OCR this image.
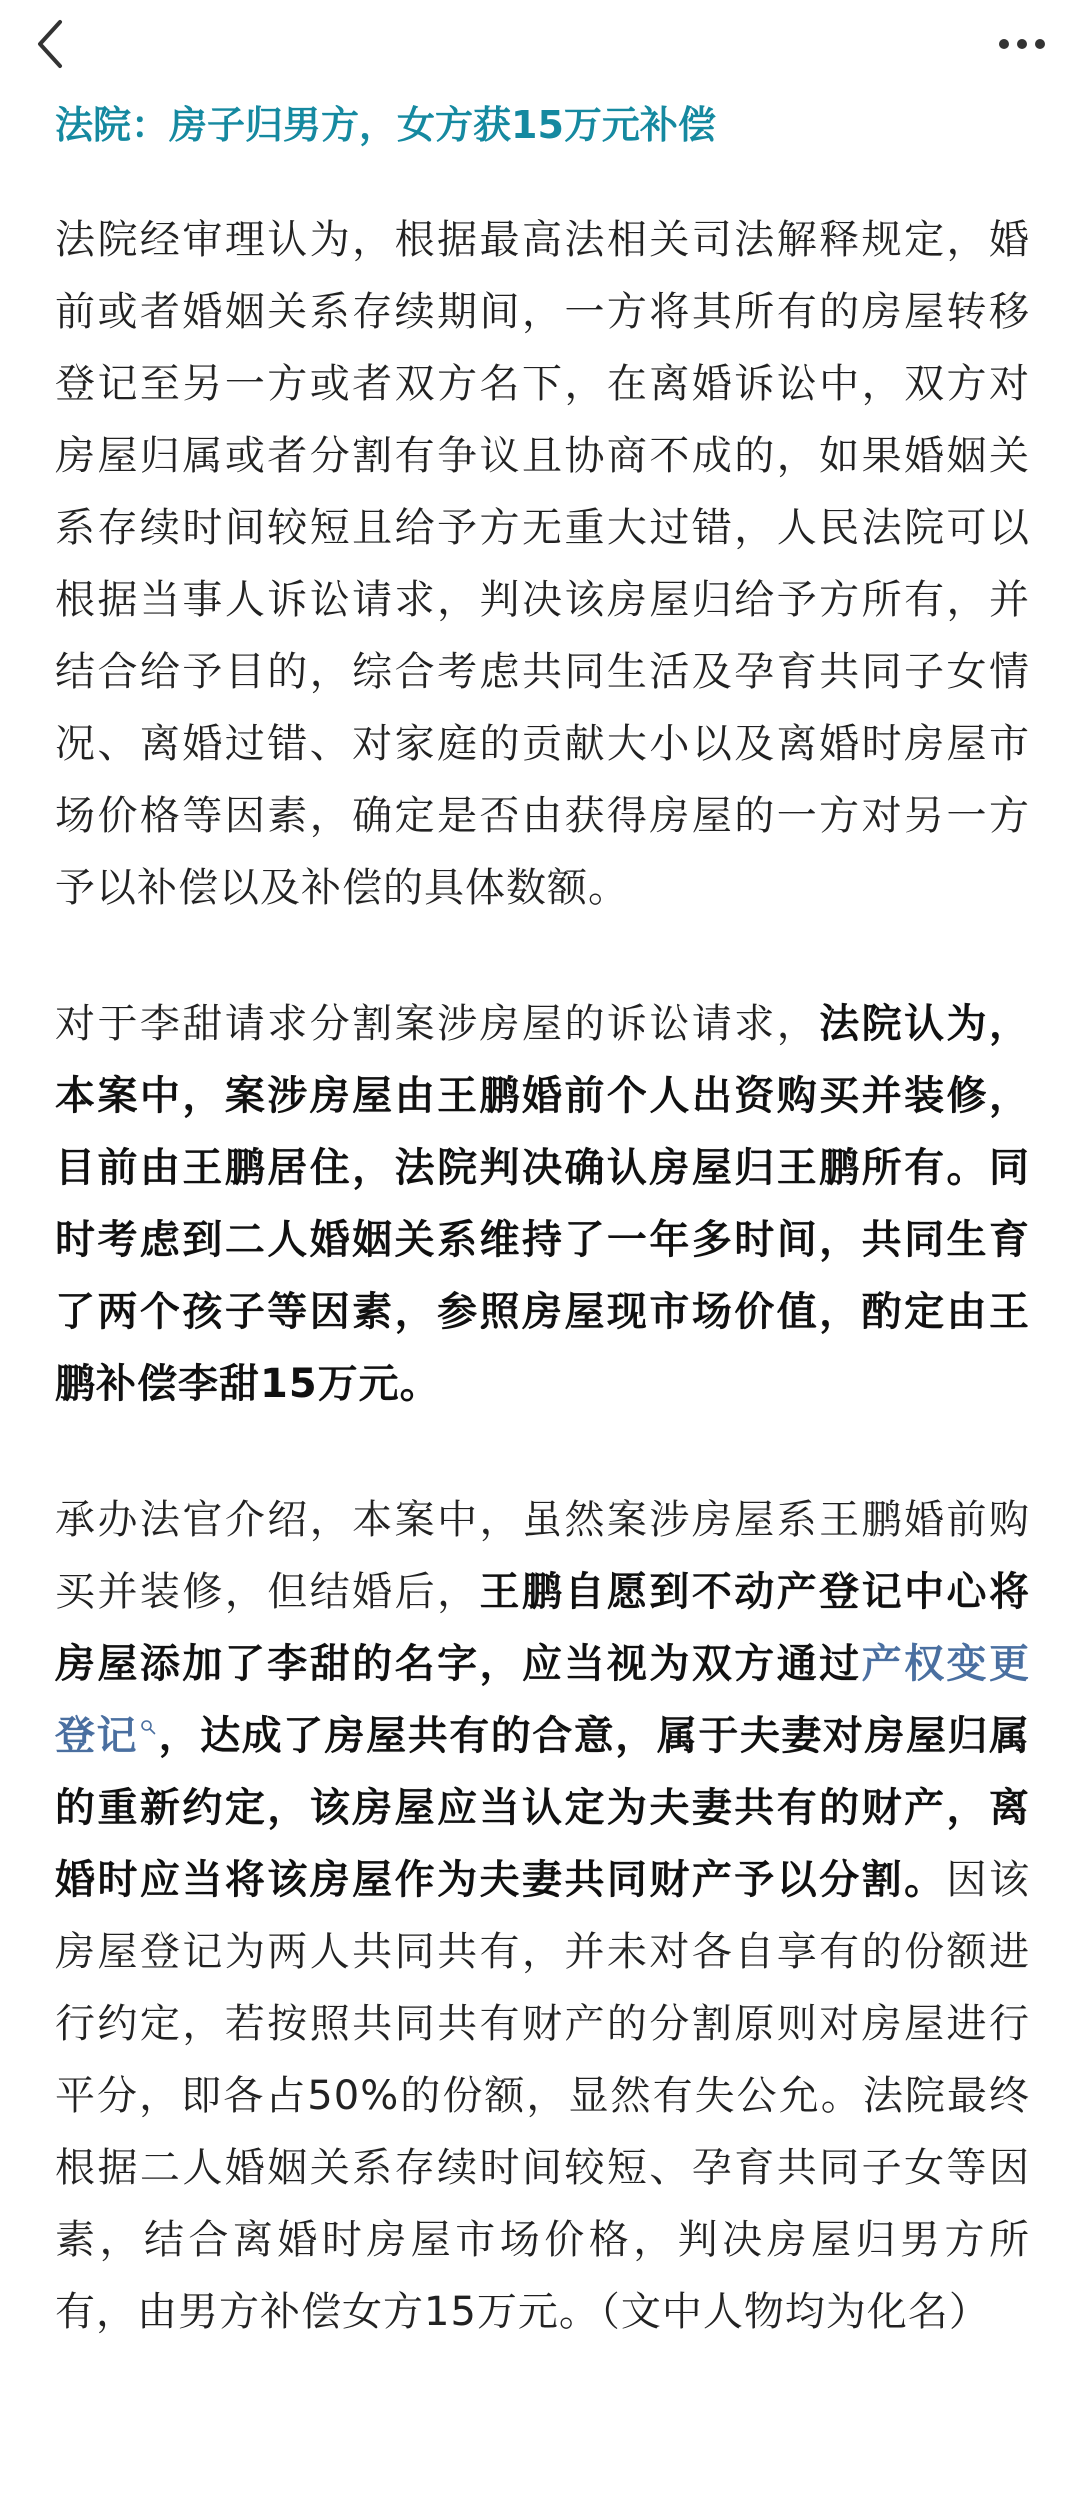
法院：房子归男方，女方获15万元补偿

法院经审理认为，根据最高法相关司法解释规定，婚前或者婚姻关系存续期间，一方将其所有的房屋转移登记至另一方或者双方名下，在离婚诉讼中，双方对房屋归属或者分割有争议且协商不成的，如果婚姻关系存续时间较短且给予方无重大过错，人民法院可以根据当事人诉讼请求，判决该房屋归给予方所有，并结合给予目的，综合考虑共同生活及孕育共同子女情况、离婚过错、对家庭的贡献大小以及离婚时房屋市场价格等因素，确定是否由获得房屋的一方对另一方予以补偿以及补偿的具体数额。

对于李甜请求分割案涉房屋的诉讼请求，法院认为，本案中，案涉房屋由王鹏婚前个人出资购买并装修，目前由王鹏居住，法院判决确认房屋归王鹏所有。同时考虑到二人婚姻关系维持了一年多时间，共同生育了两个孩子等因素，参照房屋现市场价值，酌定由王鹏补偿李甜15万元。

承办法官介绍，本案中，虽然案涉房屋系王鹏婚前购买并装修，但结婚后，王鹏自愿到不动产登记中心将房屋添加了李甜的名字，应当视为双方通过产权变更登记 ，达成了房屋共有的合意，属于夫妻对房屋归属的重新约定，该房屋应当认定为夫妻共有的财产，离婚时应当将该房屋作为夫妻共同财产予以分割。因该房屋登记为两人共同共有，并未对各自享有的份额进行约定，若按照共同共有财产的分割原则对房屋进行平分，即各占50%的份额，显然有失公允。法院最终根据二人婚姻关系存续时间较短、孕育共同子女等因素，结合离婚时房屋市场价格，判决房屋归男方所有，由男方补偿女方15万元。（文中人物均为化名）
